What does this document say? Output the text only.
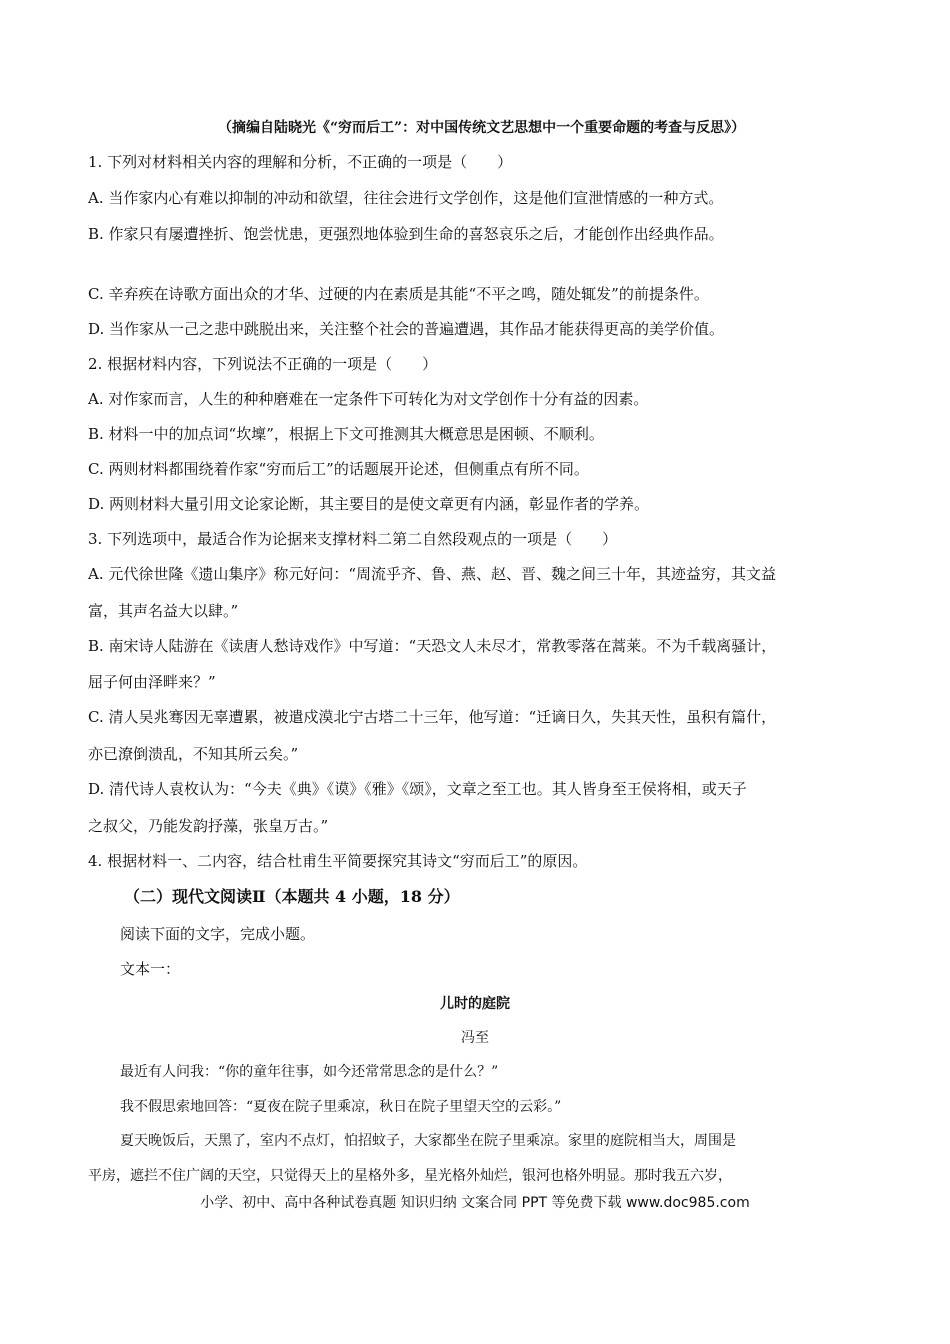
（摘编自陆晓光《“穷而后工”：对中国传统文艺思想中一个重要命题的考查与反思》）
1. 下列对材料相关内容的理解和分析，不正确的一项是（　　）
A. 当作家内心有难以抑制的冲动和欲望，往往会进行文学创作，这是他们宣泄情感的一种方式。
B. 作家只有屡遭挫折、饱尝忧患，更强烈地体验到生命的喜怒哀乐之后，才能创作出经典作品。
C. 辛弃疾在诗歌方面出众的才华、过硬的内在素质是其能“不平之鸣，随处辄发”的前提条件。
D. 当作家从一己之悲中跳脱出来，关注整个社会的普遍遭遇，其作品才能获得更高的美学价值。
2. 根据材料内容，下列说法不正确的一项是（　　）
A. 对作家而言，人生的种种磨难在一定条件下可转化为对文学创作十分有益的因素。
B. 材料一中的加点词“坎壈”，根据上下文可推测其大概意思是困顿、不顺利。
C. 两则材料都围绕着作家“穷而后工”的话题展开论述，但侧重点有所不同。
D. 两则材料大量引用文论家论断，其主要目的是使文章更有内涵，彰显作者的学养。
3. 下列选项中，最适合作为论据来支撑材料二第二自然段观点的一项是（　　）
A. 元代徐世隆《遗山集序》称元好问：“周流乎齐、鲁、燕、赵、晋、魏之间三十年，其迹益穷，其文益
富，其声名益大以肆。”
B. 南宋诗人陆游在《读唐人愁诗戏作》中写道：“天恐文人未尽才，常教零落在蒿莱。不为千载离骚计，
屈子何由泽畔来？”
C. 清人吴兆骞因无辜遭累，被遣戍漠北宁古塔二十三年，他写道：“迁谪日久，失其天性，虽积有篇什，
亦已潦倒溃乱，不知其所云矣。”
D. 清代诗人袁枚认为：“今夫《典》《谟》《雅》《颂》，文章之至工也。其人皆身至王侯将相，或天子
之叔父，乃能发韵抒藻，张皇万古。”
4. 根据材料一、二内容，结合杜甫生平简要探究其诗文“穷而后工”的原因。
（二）现代文阅读Ⅱ（本题共 4 小题，18 分）
阅读下面的文字，完成小题。
文本一：
儿时的庭院
冯至
最近有人问我：“你的童年往事，如今还常常思念的是什么？”
我不假思索地回答：“夏夜在院子里乘凉，秋日在院子里望天空的云彩。”
夏天晚饭后，天黑了，室内不点灯，怕招蚊子，大家都坐在院子里乘凉。家里的庭院相当大，周围是
平房，遮拦不住广阔的天空，只觉得天上的星格外多，星光格外灿烂，银河也格外明显。那时我五六岁，
小学、初中、高中各种试卷真题 知识归纳 文案合同 PPT 等免费下载 www.doc985.com
